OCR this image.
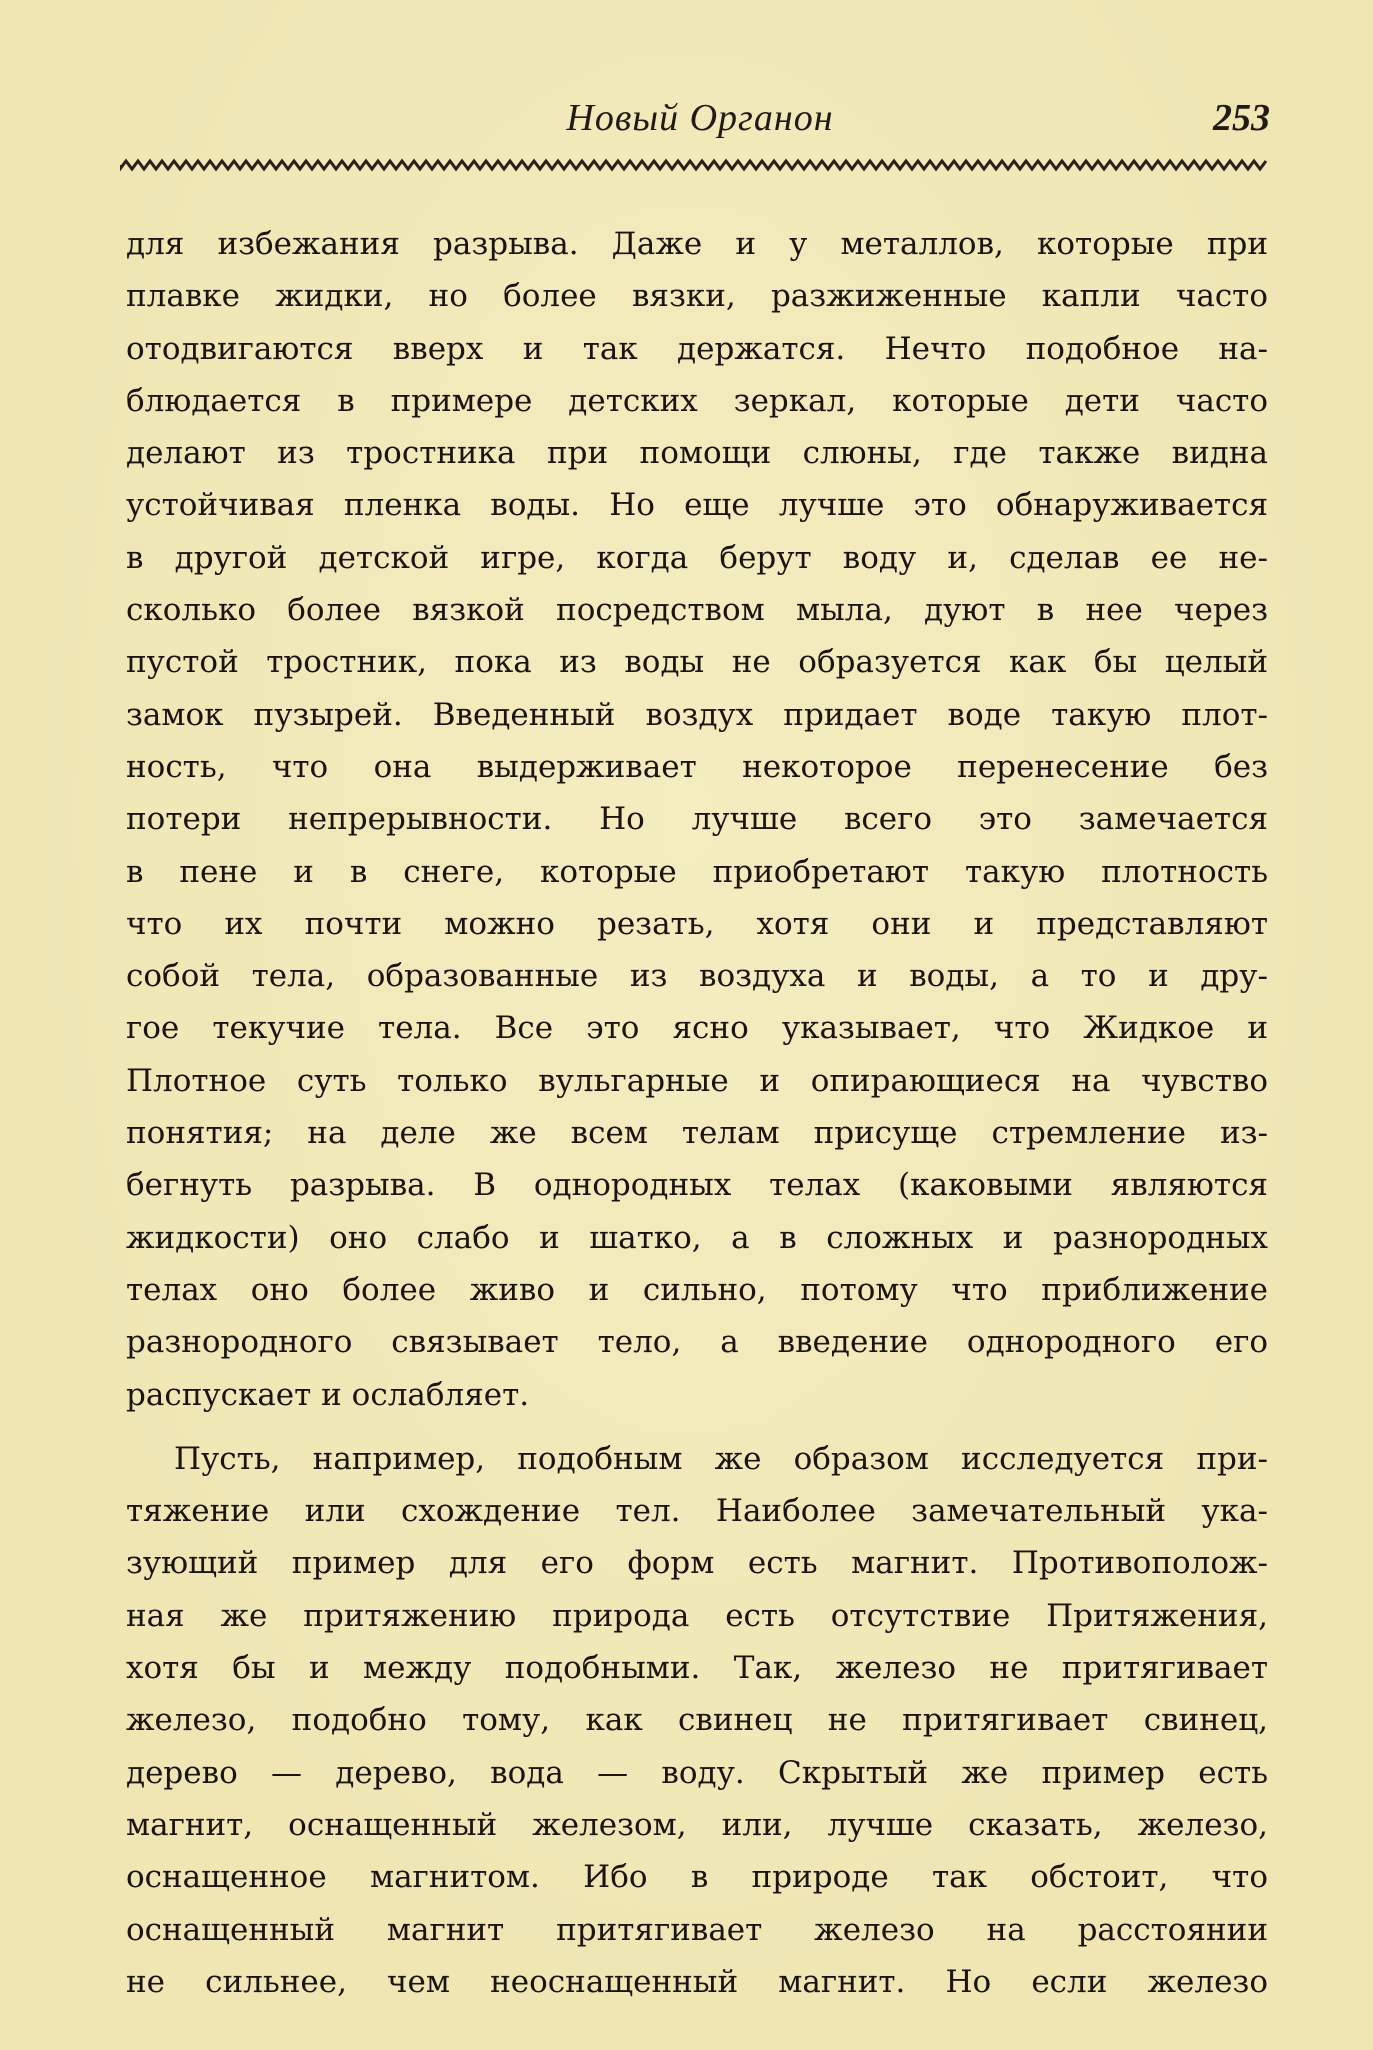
Новый Органон	253
для избежания разрыва. Даже и у металлов, которые при
плавке жидки, но более вязки, разжиженные капли часто
отодвигаются вверх и так держатся. Нечто подобное на-
блюдается в примере детских зеркал, которые дети часто
делают из тростника при помощи слюны, где также видна
устойчивая пленка воды. Но еще лучше это обнаруживается
в другой детской игре, когда берут воду и, сделав ее не-
сколько более вязкой посредством мыла, дуют в нее через
пустой тростник, пока из воды не образуется как бы целый
замок пузырей. Введенный воздух придает воде такую плот-
ность, что она выдерживает некоторое перенесение без
потери непрерывности. Но лучше всего это замечается
в пене и в снеге, которые приобретают такую плотность
что их почти можно резать, хотя они и представляют
собой тела, образованные из воздуха и воды, а то и дру-
гое текучие тела. Все это ясно указывает, что Жидкое и
Плотное суть только вульгарные и опирающиеся на чувство
понятия; на деле же всем телам присуще стремление из-
бегнуть разрыва. В однородных телах (каковыми являются
жидкости) оно слабо и шатко, а в сложных и разнородных
телах оно более живо и сильно, потому что приближение
разнородного связывает тело, а введение однородного его
распускает и ослабляет.
Пусть, например, подобным же образом исследуется при-
тяжение или схождение тел. Наиболее замечательный ука-
зующий пример для его форм есть магнит. Противополож-
ная же притяжению природа есть отсутствие Притяжения,
хотя бы и между подобными. Так, железо не притягивает
железо, подобно тому, как свинец не притягивает свинец,
дерево — дерево, вода — воду. Скрытый же пример есть
магнит, оснащенный железом, или, лучше сказать, железо,
оснащенное магнитом. Ибо в природе так обстоит, что
оснащенный магнит притягивает железо на расстоянии
не сильнее, чем неоснащенный магнит. Но если железо
